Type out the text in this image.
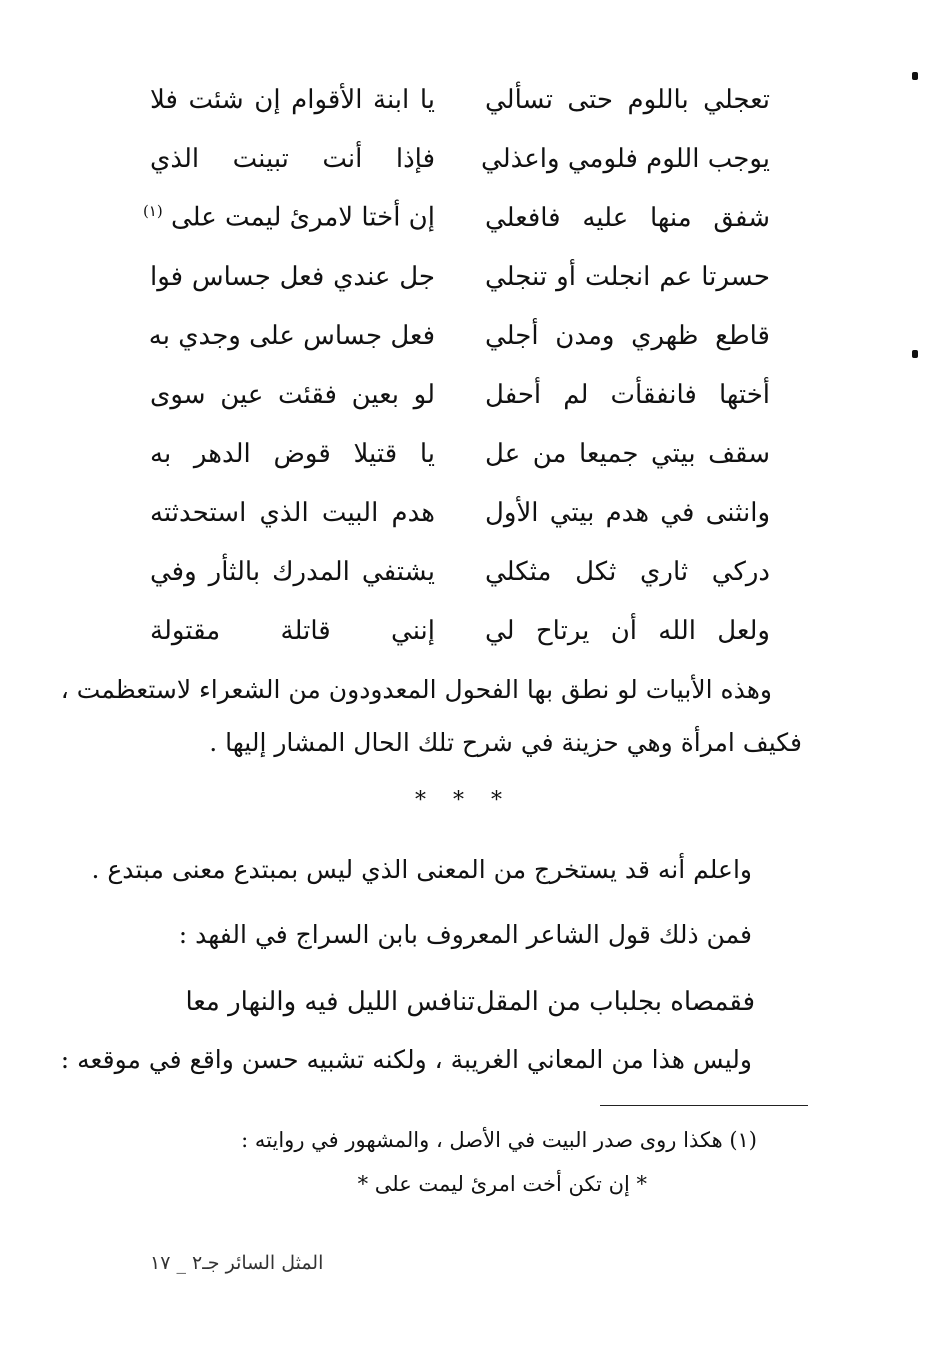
يا ابنة الأقوام إن شئت فلا تعجلي باللوم حتى تسألي
فإذا أنت تبينت الذي يوجب اللوم فلومي واعذلي
إن أختا لامرئ ليمت على $^{(١)}$	شفق منها عليه فافعلي
جل عندي فعل جساس فوا حسرتا عم انجلت أو تنجلي
فعل جساس على وجدي به قاطع ظهري ومدن أجلي
لو بعين فقئت عين سوى أختها فانفقأت لم أحفل
يا قتيلا قوض الدهر به سقف بيتي جميعا من عل
هدم البيت الذي استحدثته وانثنى في هدم بيتي الأول
يشتفي المدرك بالثأر وفي دركي ثاري ثكل مثكلي
إنني قاتلة مقتولة ولعل الله أن يرتاح لي
وهذه الأبيات لو نطق بها الفحول المعدودون من الشعراء لاستعظمت ،
فكيف امرأة وهي حزينة في شرح تلك الحال المشار إليها .
* * *
واعلم أنه قد يستخرج من المعنى الذي ليس بمبتدع معنى مبتدع .
فمن ذلك قول الشاعر المعروف بابن السراج في الفهد :
تنافس الليل فيه والنهار معا فقمصاه بجلباب من المقل
وليس هذا من المعاني الغريبة ، ولكنه تشبيه حسن واقع في موقعه :
(١) هكذا روى صدر البيت في الأصل ، والمشهور في روايته :
* إن تكن أخت امرئ ليمت على *
المثل السائر جـ٢ _ ١٧
